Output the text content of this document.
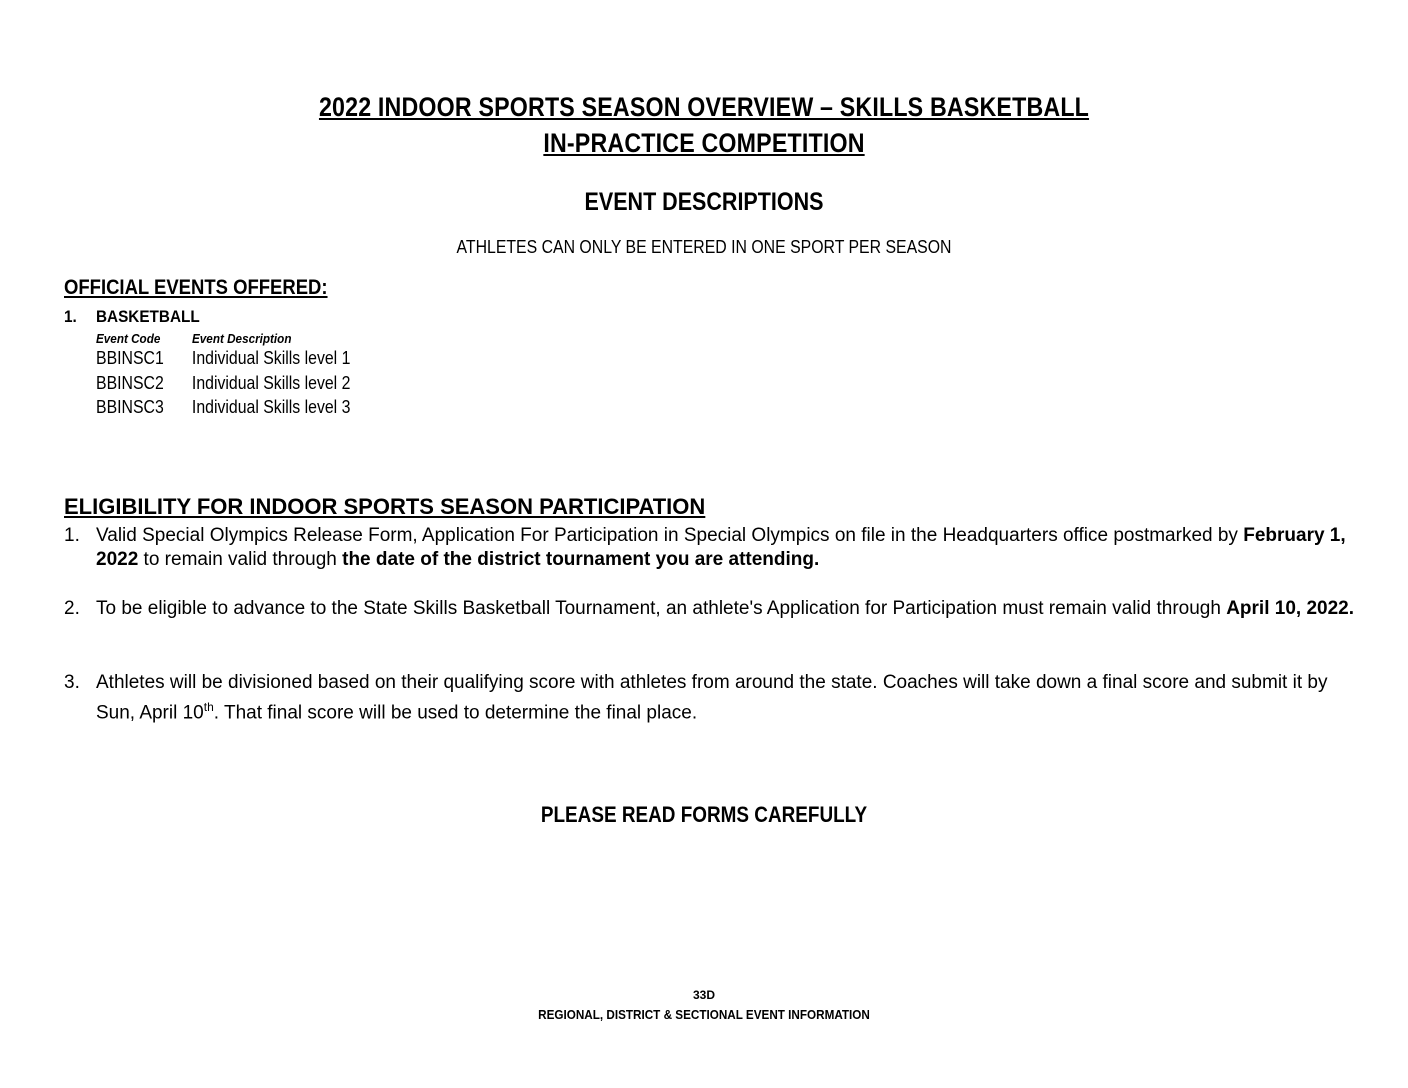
2022 INDOOR SPORTS SEASON OVERVIEW – SKILLS BASKETBALL
IN-PRACTICE COMPETITION
EVENT DESCRIPTIONS
ATHLETES CAN ONLY BE ENTERED IN ONE SPORT PER SEASON
OFFICIAL EVENTS OFFERED:
1. BASKETBALL
Event Code Event Description
BBINSC1 Individual Skills level 1
BBINSC2 Individual Skills level 2
BBINSC3 Individual Skills level 3
ELIGIBILITY FOR INDOOR SPORTS SEASON PARTICIPATION
1. Valid Special Olympics Release Form, Application For Participation in Special Olympics on file in the Headquarters office postmarked by February 1, 2022 to remain valid through the date of the district tournament you are attending.
2. To be eligible to advance to the State Skills Basketball Tournament, an athlete's Application for Participation must remain valid through April 10, 2022.
3. Athletes will be divisioned based on their qualifying score with athletes from around the state. Coaches will take down a final score and submit it by Sun, April 10th. That final score will be used to determine the final place.
PLEASE READ FORMS CAREFULLY
33D
REGIONAL, DISTRICT & SECTIONAL EVENT INFORMATION
